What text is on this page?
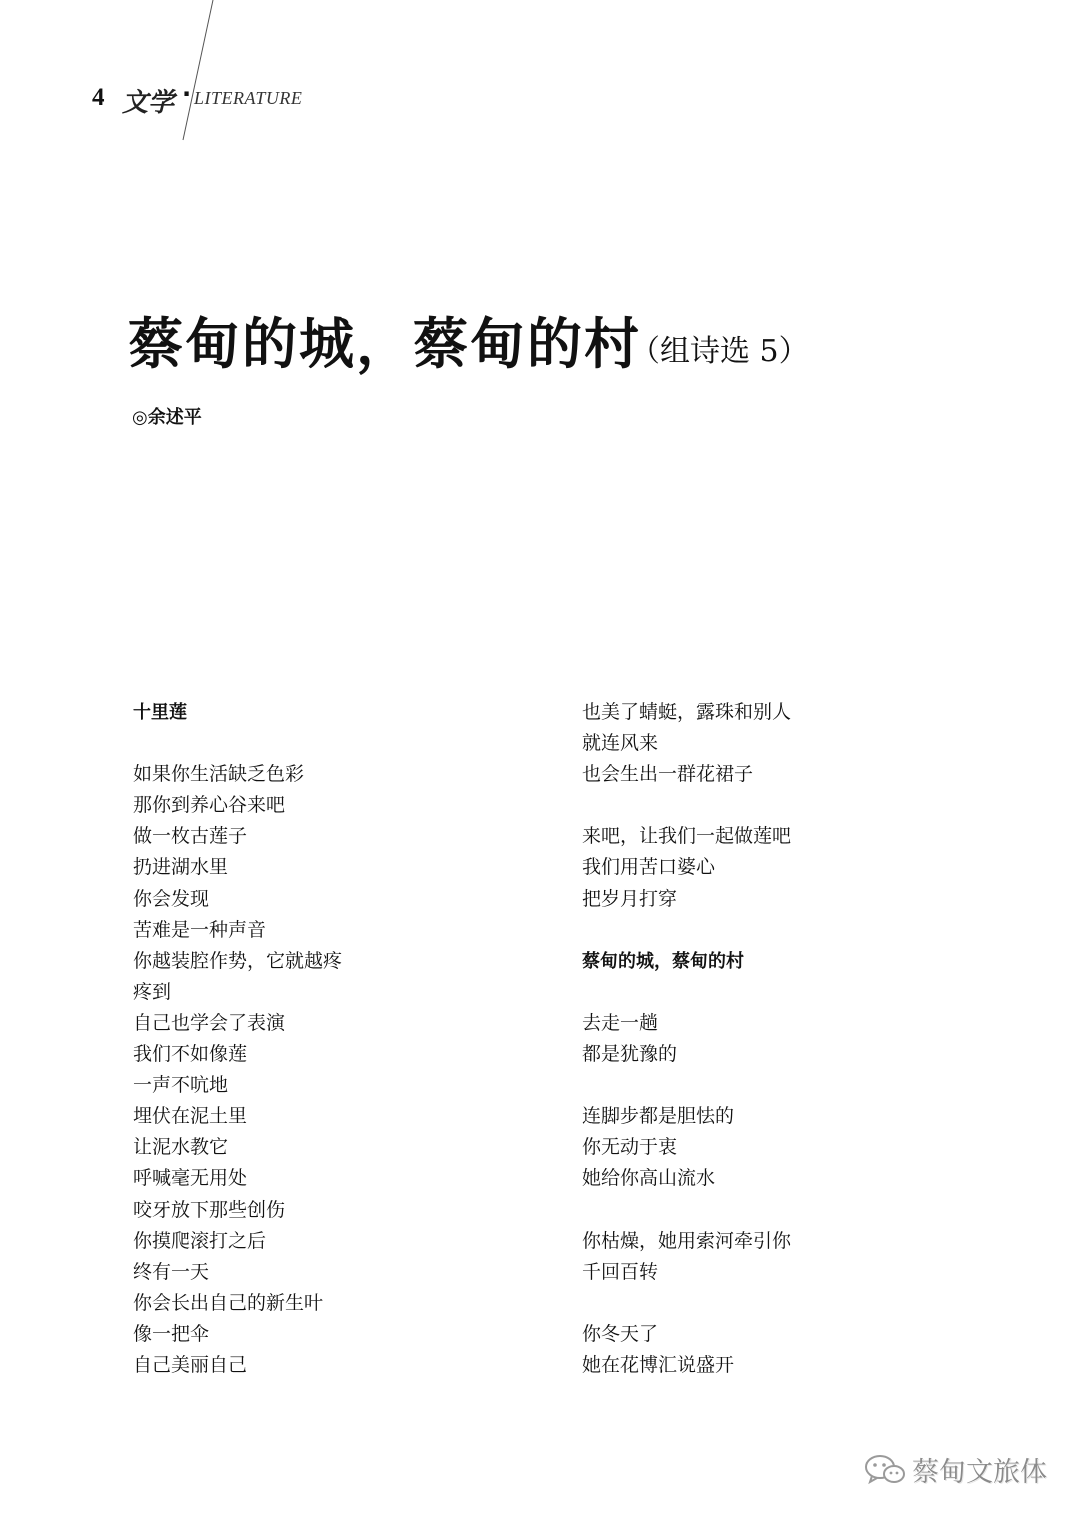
4 文学 · LITERATURE
蔡甸的城，蔡甸的村
（组诗选 5）
◎余述平
十里莲
如果你生活缺乏色彩
那你到养心谷来吧
做一枚古莲子
扔进湖水里
你会发现
苦难是一种声音
你越装腔作势，它就越疼
疼到
自己也学会了表演
我们不如像莲
一声不吭地
埋伏在泥土里
让泥水教它
呼喊毫无用处
咬牙放下那些创伤
你摸爬滚打之后
终有一天
你会长出自己的新生叶
像一把伞
自己美丽自己
也美了蜻蜓，露珠和别人
就连风来
也会生出一群花裙子
来吧，让我们一起做莲吧
我们用苦口婆心
把岁月打穿
蔡甸的城，蔡甸的村
去走一趟
都是犹豫的
连脚步都是胆怯的
你无动于衷
她给你高山流水
你枯燥，她用索河牵引你
千回百转
你冬天了
她在花博汇说盛开
蔡甸文旅体
